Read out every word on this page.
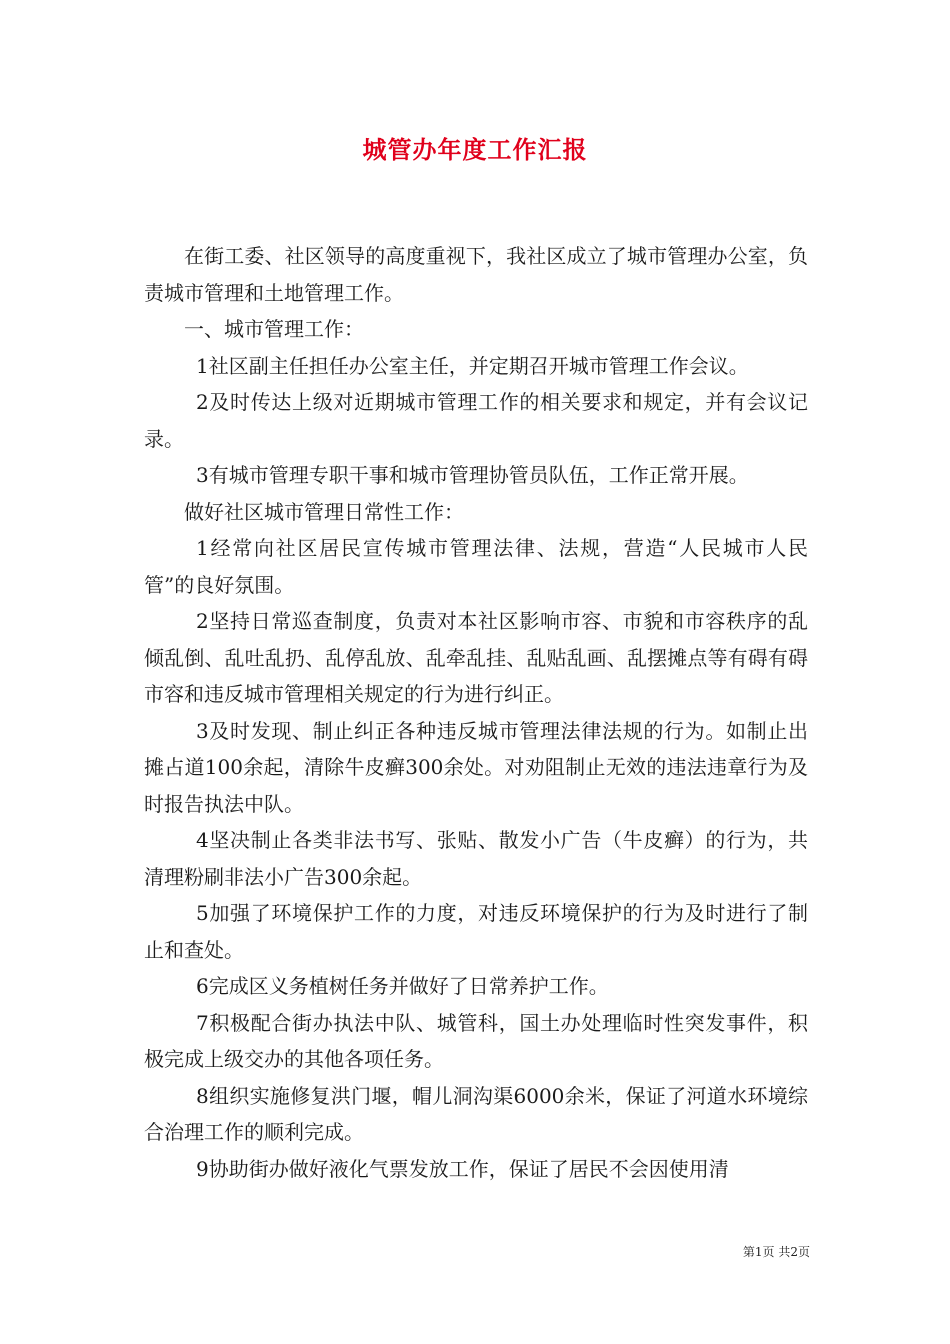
城管办年度工作汇报

在街工委、社区领导的高度重视下，我社区成立了城市管理办公室，负责城市管理和土地管理工作。

一、城市管理工作：

1社区副主任担任办公室主任，并定期召开城市管理工作会议。

2及时传达上级对近期城市管理工作的相关要求和规定，并有会议记录。

3有城市管理专职干事和城市管理协管员队伍，工作正常开展。

做好社区城市管理日常性工作：

1经常向社区居民宣传城市管理法律、法规，营造“人民城市人民管”的良好氛围。

2坚持日常巡查制度，负责对本社区影响市容、市貌和市容秩序的乱倾乱倒、乱吐乱扔、乱停乱放、乱牵乱挂、乱贴乱画、乱摆摊点等有碍有碍市容和违反城市管理相关规定的行为进行纠正。

3及时发现、制止纠正各种违反城市管理法律法规的行为。如制止出摊占道100余起，清除牛皮癣300余处。对劝阻制止无效的违法违章行为及时报告执法中队。

4坚决制止各类非法书写、张贴、散发小广告（牛皮癣）的行为，共清理粉刷非法小广告300余起。

5加强了环境保护工作的力度，对违反环境保护的行为及时进行了制止和查处。

6完成区义务植树任务并做好了日常养护工作。

7积极配合街办执法中队、城管科，国土办处理临时性突发事件，积极完成上级交办的其他各项任务。

8组织实施修复洪门堰，帽儿洞沟渠6000余米，保证了河道水环境综合治理工作的顺利完成。

9协助街办做好液化气票发放工作，保证了居民不会因使用清

第1页 共2页
